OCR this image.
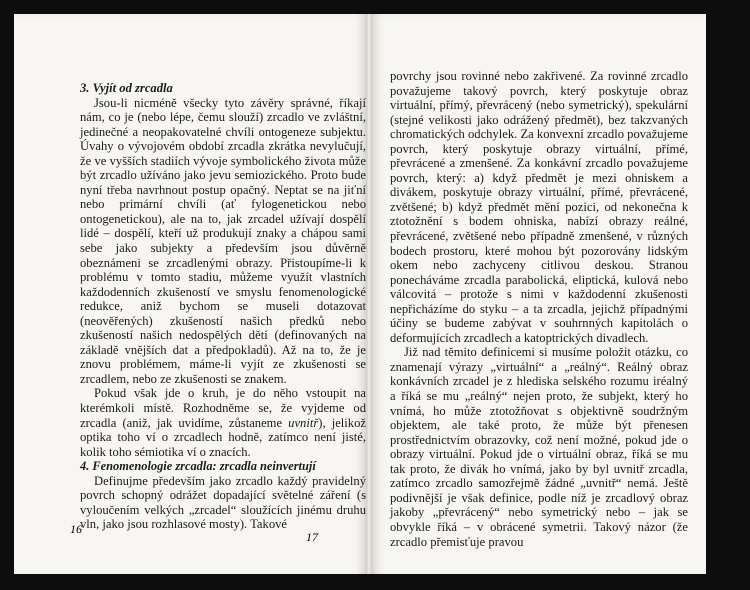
3. Vyjít od zrcadla

Jsou-li nicméně všecky tyto závěry správné, říkají nám, co je (nebo lépe, čemu slouží) zrcadlo ve zvláštní, jedinečné a neopakovatelné chvíli ontogeneze subjektu. Úvahy o vývojovém období zrcadla zkrátka nevylučují, že ve vyšších stadiích vývoje symbolického života může být zrcadlo užíváno jako jevu semiozického. Proto bude nyní třeba navrhnout postup opačný. Neptat se na jiťní nebo primární chvíli (ať fylogenetickou nebo ontogenetickou), ale na to, jak zrcadel užívají dospělí lidé – dospělí, kteří už produkují znaky a chápou sami sebe jako subjekty a především jsou důvěrně obeznámeni se zrcadlenými obrazy. Přistoupíme-li k problému v tomto stadiu, můžeme využít vlastních každodenních zkušeností ve smyslu fenomenologické redukce, aniž bychom se museli dotazovat (neověřených) zkušeností našich předků nebo zkušeností našich nedospělých dětí (definovaných na základě vnějších dat a předpokladů). Až na to, že je znovu problémem, máme-li vyjít ze zkušenosti se zrcadlem, nebo ze zkušenosti se znakem.

Pokud však jde o kruh, je do něho vstoupit na kterémkoli místě. Rozhodněme se, že vyjdeme od zrcadla (aniž, jak uvidíme, zůstaneme uvnitř), jelikož optika toho ví o zrcadlech hodně, zatímco není jisté, kolik toho sémiotika ví o znacích.

4. Fenomenologie zrcadla: zrcadla neinvertují

Definujme především jako zrcadlo každý pravidelný povrch schopný odrážet dopadající světelné záření (s vyloučením velkých „zrcadel“ sloužících jinému druhu vln, jako jsou rozhlasové mosty). Takové

povrchy jsou rovinné nebo zakřivené. Za rovinné zrcadlo považujeme takový povrch, který poskytuje obraz virtuální, přímý, převrácený (nebo symetrický), spekulární (stejné velikosti jako odrážený předmět), bez takzvaných chromatických odchylek. Za konvexní zrcadlo považujeme povrch, který poskytuje obrazy virtuální, přímé, převrácené a zmenšené. Za konkávní zrcadlo považujeme povrch, který: a) když předmět je mezi ohniskem a divákem, poskytuje obrazy virtuální, přímé, převrácené, zvětšené; b) když předmět mění pozici, od nekonečna k ztotožnění s bodem ohniska, nabízí obrazy reálné, převrácené, zvětšené nebo případně zmenšené, v různých bodech prostoru, které mohou být pozorovány lidským okem nebo zachyceny citlivou deskou. Stranou ponecháváme zrcadla parabolická, eliptická, kulová nebo válcovitá – protože s nimi v každodenní zkušenosti nepřicházíme do styku – a ta zrcadla, jejichž případnými účiny se budeme zabývat v souhrnných kapitolách o deformujících zrcadlech a katoptrických divadlech.

Již nad těmito definicemi si musíme položit otázku, co znamenají výrazy „virtuální“ a „reálný“. Reálný obraz konkávních zrcadel je z hlediska selského rozumu iréalný a říká se mu „reálný“ nejen proto, že subjekt, který ho vnímá, ho může ztotožňovat s objektivně soudržným objektem, ale také proto, že může být přenesen prostřednictvím obrazovky, což není možné, pokud jde o obrazy virtuální. Pokud jde o virtuální obraz, říká se mu tak proto, že divák ho vnímá, jako by byl uvnitř zrcadla, zatímco zrcadlo samozřejmě žádné „uvnitř“ nemá. Ještě podivnější je však definice, podle níž je zrcadlový obraz jakoby „převrácený“ nebo symetrický nebo – jak se obvykle říká – v obrácené symetrii. Takový názor (že zrcadlo přemisťuje pravou

16
17
